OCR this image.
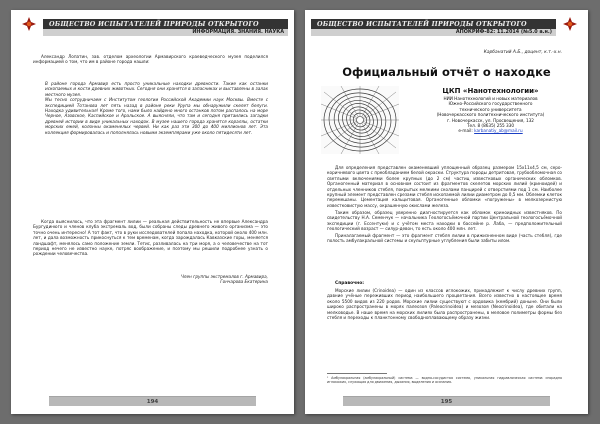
ОБЩЕСТВО ИСПЫТАТЕЛЕЙ ПРИРОДЫ ОТКРЫТОГО
ИНФОРМАЦИЯ. ЗНАНИЯ. НАУКА
Александр Лопатин, зав. отделом археологии Армавирского краеведческого музея поделился информацией о том, что им в районе города нашли:

В районе города Армавир есть просто уникальные находки древности. Такие как останки ископаемых и кости древних животных. Сегодня они хранятся в запасниках и выставлены в залах местного музея.

Мы тесно сотрудничаем с Институтом геологии Российской Академии наук Москвы. Вместе с экспедицией Тотанова лет пять назад в районе реки Урупа мы обнаружили скелет белуги. Находка удивительная! Кроме того, нами было найдено много останков потом распалось на море Черное, Азовское, Каспийское и Аральское. А выясняли, что там и сегодня притаились загадки древней истории в виде уникальных находок. В музее нашего города хранятся кораллы, остатки морских ежей, колонны окаменелых червей. Ни как раз эти 300 до 400 миллионов лет. Эта коллекция формировалась и пополнялась новыми экземплярами уже около пятидесяти лет.

Когда выяснилось, что эта фрагмент лилии — реальная действительность не впервые Александра Бургудинюго и членов клуба экстремаль вод, были собраны следы древнего живого организма — это точно очень интересно! А тот факт, что в руки исследователей попала находка, которой около 400 млн. лет, и дала возможность прикоснуться к тем временам, когда зарождалась Кавказские горы, меняется ландшафт, менялось само положение земли. Тетис, разливалась на три моря, а о человечестве на тот период нечего не известно науке, потряс воображение, и поэтому мы решили подробнее узнать о рождении человечества.
Член группы экстремалов г. Армавира,
Гончарова Екатерина
194
ОБЩЕСТВО ИСПЫТАТЕЛЕЙ ПРИРОДЫ ОТКРЫТОГО
АПОКРИФ-82: 11.2014 (№5.0 а.н.)
Карбанатий А.Б., доцент, к.т.-х.н.
Официальный отчёт о находке
ЦКП «Нанотехнологии»
НИИ Нанотехнологий и новых материалов
Южно-Российского государственного
технического университета
(Новочеркасского политехнического института)
г. Новочеркасск, ул. Просвещения, 132
Тел. 8 (8635) 255 330
e-mail: karbanatiy_ab@mail.ru

Для определения представлен окаменевший уплощенный образец размером 15х11х4,5 см, серо-коричневого цвета с преобладанием белой окраски. Структура породы детритовая, грубообломочная со светлыми включениями более крупных (до 2 см) частиц известковых органических обломков. Органогенный материал в основном состоит из фрагментов скелетов морских лилий (криноидей) и отдельных членников стебля, покрытых мелкими сколами панцирей с отверстиями под 1 см. Наиболее крупный элемент представлен срезами стебля ископаемой лилии диаметром до 0,5 мм. Облемки клеток перемешаны. Цементация кальцитовая. Органогенные обломки «погружены» в мелкозернистую известковистую массу, окрашенную окислами железа.

Таким образом, образец уверенно диагностируется как обломок криноидных известняков. По свидетельству Н.А. Семенчук — начальника Геологосъёмочной партии Центральной геологосъёмочной экспедиции (г. Ессентуки) и с учётом места находки в бассейне р. Лаба, — предположительный геологический возраст — силур-девон, то есть около 400 млн. лет.

Приналагаемый фрагмент — это фрагмент стебля лилии в прижизненном виде (часть стебля), где полость амбулакральной системы и скульптурные углубления были забиты илом.

Справочно:
Морские лилии (Crinoidea) — один из классов иглокожих, принадлежит к числу древних групп, давние учёные переживших период наибольшего процветания. Всего известно в настоящее время около 5500 видов из 220 родов. Морские лилии существуют с ордовика (кембрий) доныне. Они были широко распространены в морях палеозоя (Paleocrinoidea) и мезозоя (Neocrinoidea), где обитали на мелководье. В наше время на морских лилиях была распространены, в меловое полиметры формы без стебля и переходы к планктонному свободноплавающему образу жизни.
¹ Амбулакральная (амбулакральный) система — водно-сосудистая система, уникальная гидравлическая система спорадно иглокожих, служащая для движения, дыхания, выделения и осязания.
195
